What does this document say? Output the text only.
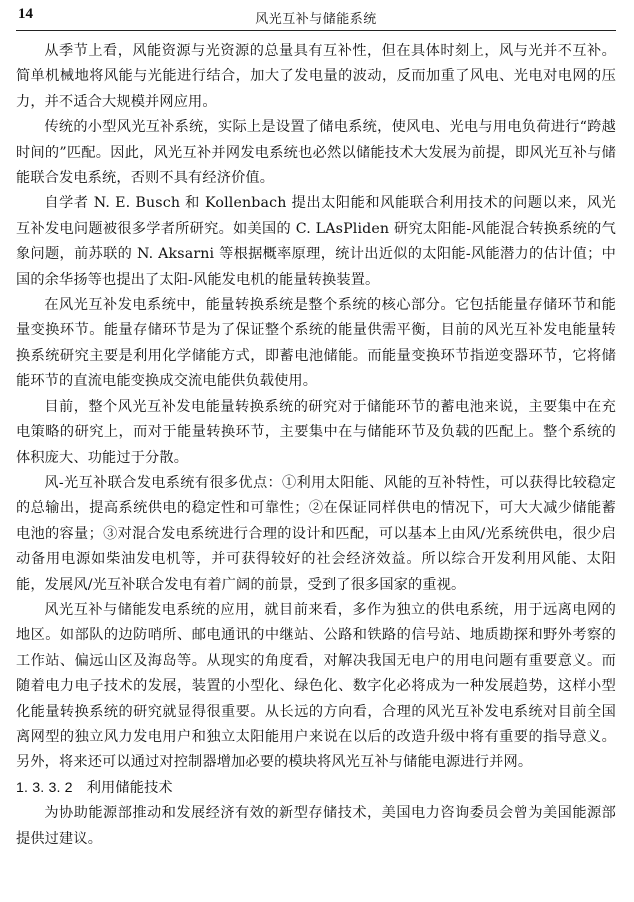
14	风光互补与储能系统

从季节上看，风能资源与光资源的总量具有互补性，但在具体时刻上，风与光并不互补。简单机械地将风能与光能进行结合，加大了发电量的波动，反而加重了风电、光电对电网的压力，并不适合大规模并网应用。

传统的小型风光互补系统，实际上是设置了储电系统，使风电、光电与用电负荷进行“跨越时间的”匹配。因此，风光互补并网发电系统也必然以储能技术大发展为前提，即风光互补与储能联合发电系统，否则不具有经济价值。

自学者 N. E. Busch 和 Kollenbach 提出太阳能和风能联合利用技术的问题以来，风光互补发电问题被很多学者所研究。如美国的 C. LAsPliden 研究太阳能-风能混合转换系统的气象问题，前苏联的 N. Aksarni 等根据概率原理，统计出近似的太阳能-风能潜力的估计值；中国的余华扬等也提出了太阳-风能发电机的能量转换装置。

在风光互补发电系统中，能量转换系统是整个系统的核心部分。它包括能量存储环节和能量变换环节。能量存储环节是为了保证整个系统的能量供需平衡，目前的风光互补发电能量转换系统研究主要是利用化学储能方式，即蓄电池储能。而能量变换环节指逆变器环节，它将储能环节的直流电能变换成交流电能供负载使用。

目前，整个风光互补发电能量转换系统的研究对于储能环节的蓄电池来说，主要集中在充电策略的研究上，而对于能量转换环节，主要集中在与储能环节及负载的匹配上。整个系统的体积庞大、功能过于分散。

风-光互补联合发电系统有很多优点：①利用太阳能、风能的互补特性，可以获得比较稳定的总输出，提高系统供电的稳定性和可靠性；②在保证同样供电的情况下，可大大减少储能蓄电池的容量；③对混合发电系统进行合理的设计和匹配，可以基本上由风/光系统供电，很少启动备用电源如柴油发电机等，并可获得较好的社会经济效益。所以综合开发利用风能、太阳能，发展风/光互补联合发电有着广阔的前景，受到了很多国家的重视。

风光互补与储能发电系统的应用，就目前来看，多作为独立的供电系统，用于远离电网的地区。如部队的边防哨所、邮电通讯的中继站、公路和铁路的信号站、地质勘探和野外考察的工作站、偏远山区及海岛等。从现实的角度看，对解决我国无电户的用电问题有重要意义。而随着电力电子技术的发展，装置的小型化、绿色化、数字化必将成为一种发展趋势，这样小型化能量转换系统的研究就显得很重要。从长远的方向看，合理的风光互补发电系统对目前全国离网型的独立风力发电用户和独立太阳能用户来说在以后的改造升级中将有重要的指导意义。另外，将来还可以通过对控制器增加必要的模块将风光互补与储能电源进行并网。

1. 3. 3. 2 利用储能技术

为协助能源部推动和发展经济有效的新型存储技术，美国电力咨询委员会曾为美国能源部提供过建议。
